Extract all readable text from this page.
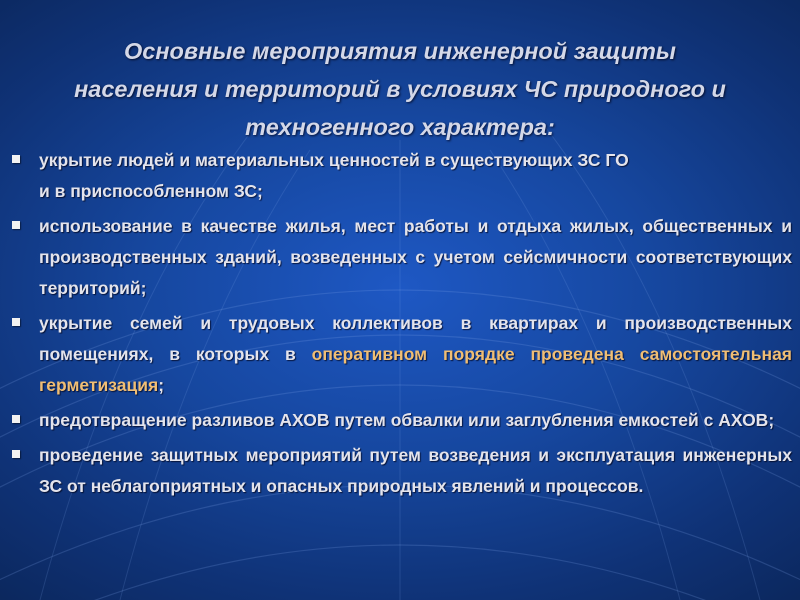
Основные мероприятия инженерной защиты
населения и территорий в условиях ЧС природного и
техногенного характера:
укрытие людей и материальных ценностей в существующих ЗС ГО
и в приспособленном ЗС;
использование в качестве жилья, мест работы и отдыха жилых, общественных и производственных зданий, возведенных с учетом сейсмичности соответствующих территорий;
укрытие семей и трудовых коллективов в квартирах и производственных помещениях, в которых в оперативном порядке проведена самостоятельная герметизация;
предотвращение разливов АХОВ путем обвалки или заглубления емкостей с АХОВ;
проведение защитных мероприятий путем возведения и эксплуатация инженерных ЗС от неблагоприятных и опасных природных явлений и процессов.
